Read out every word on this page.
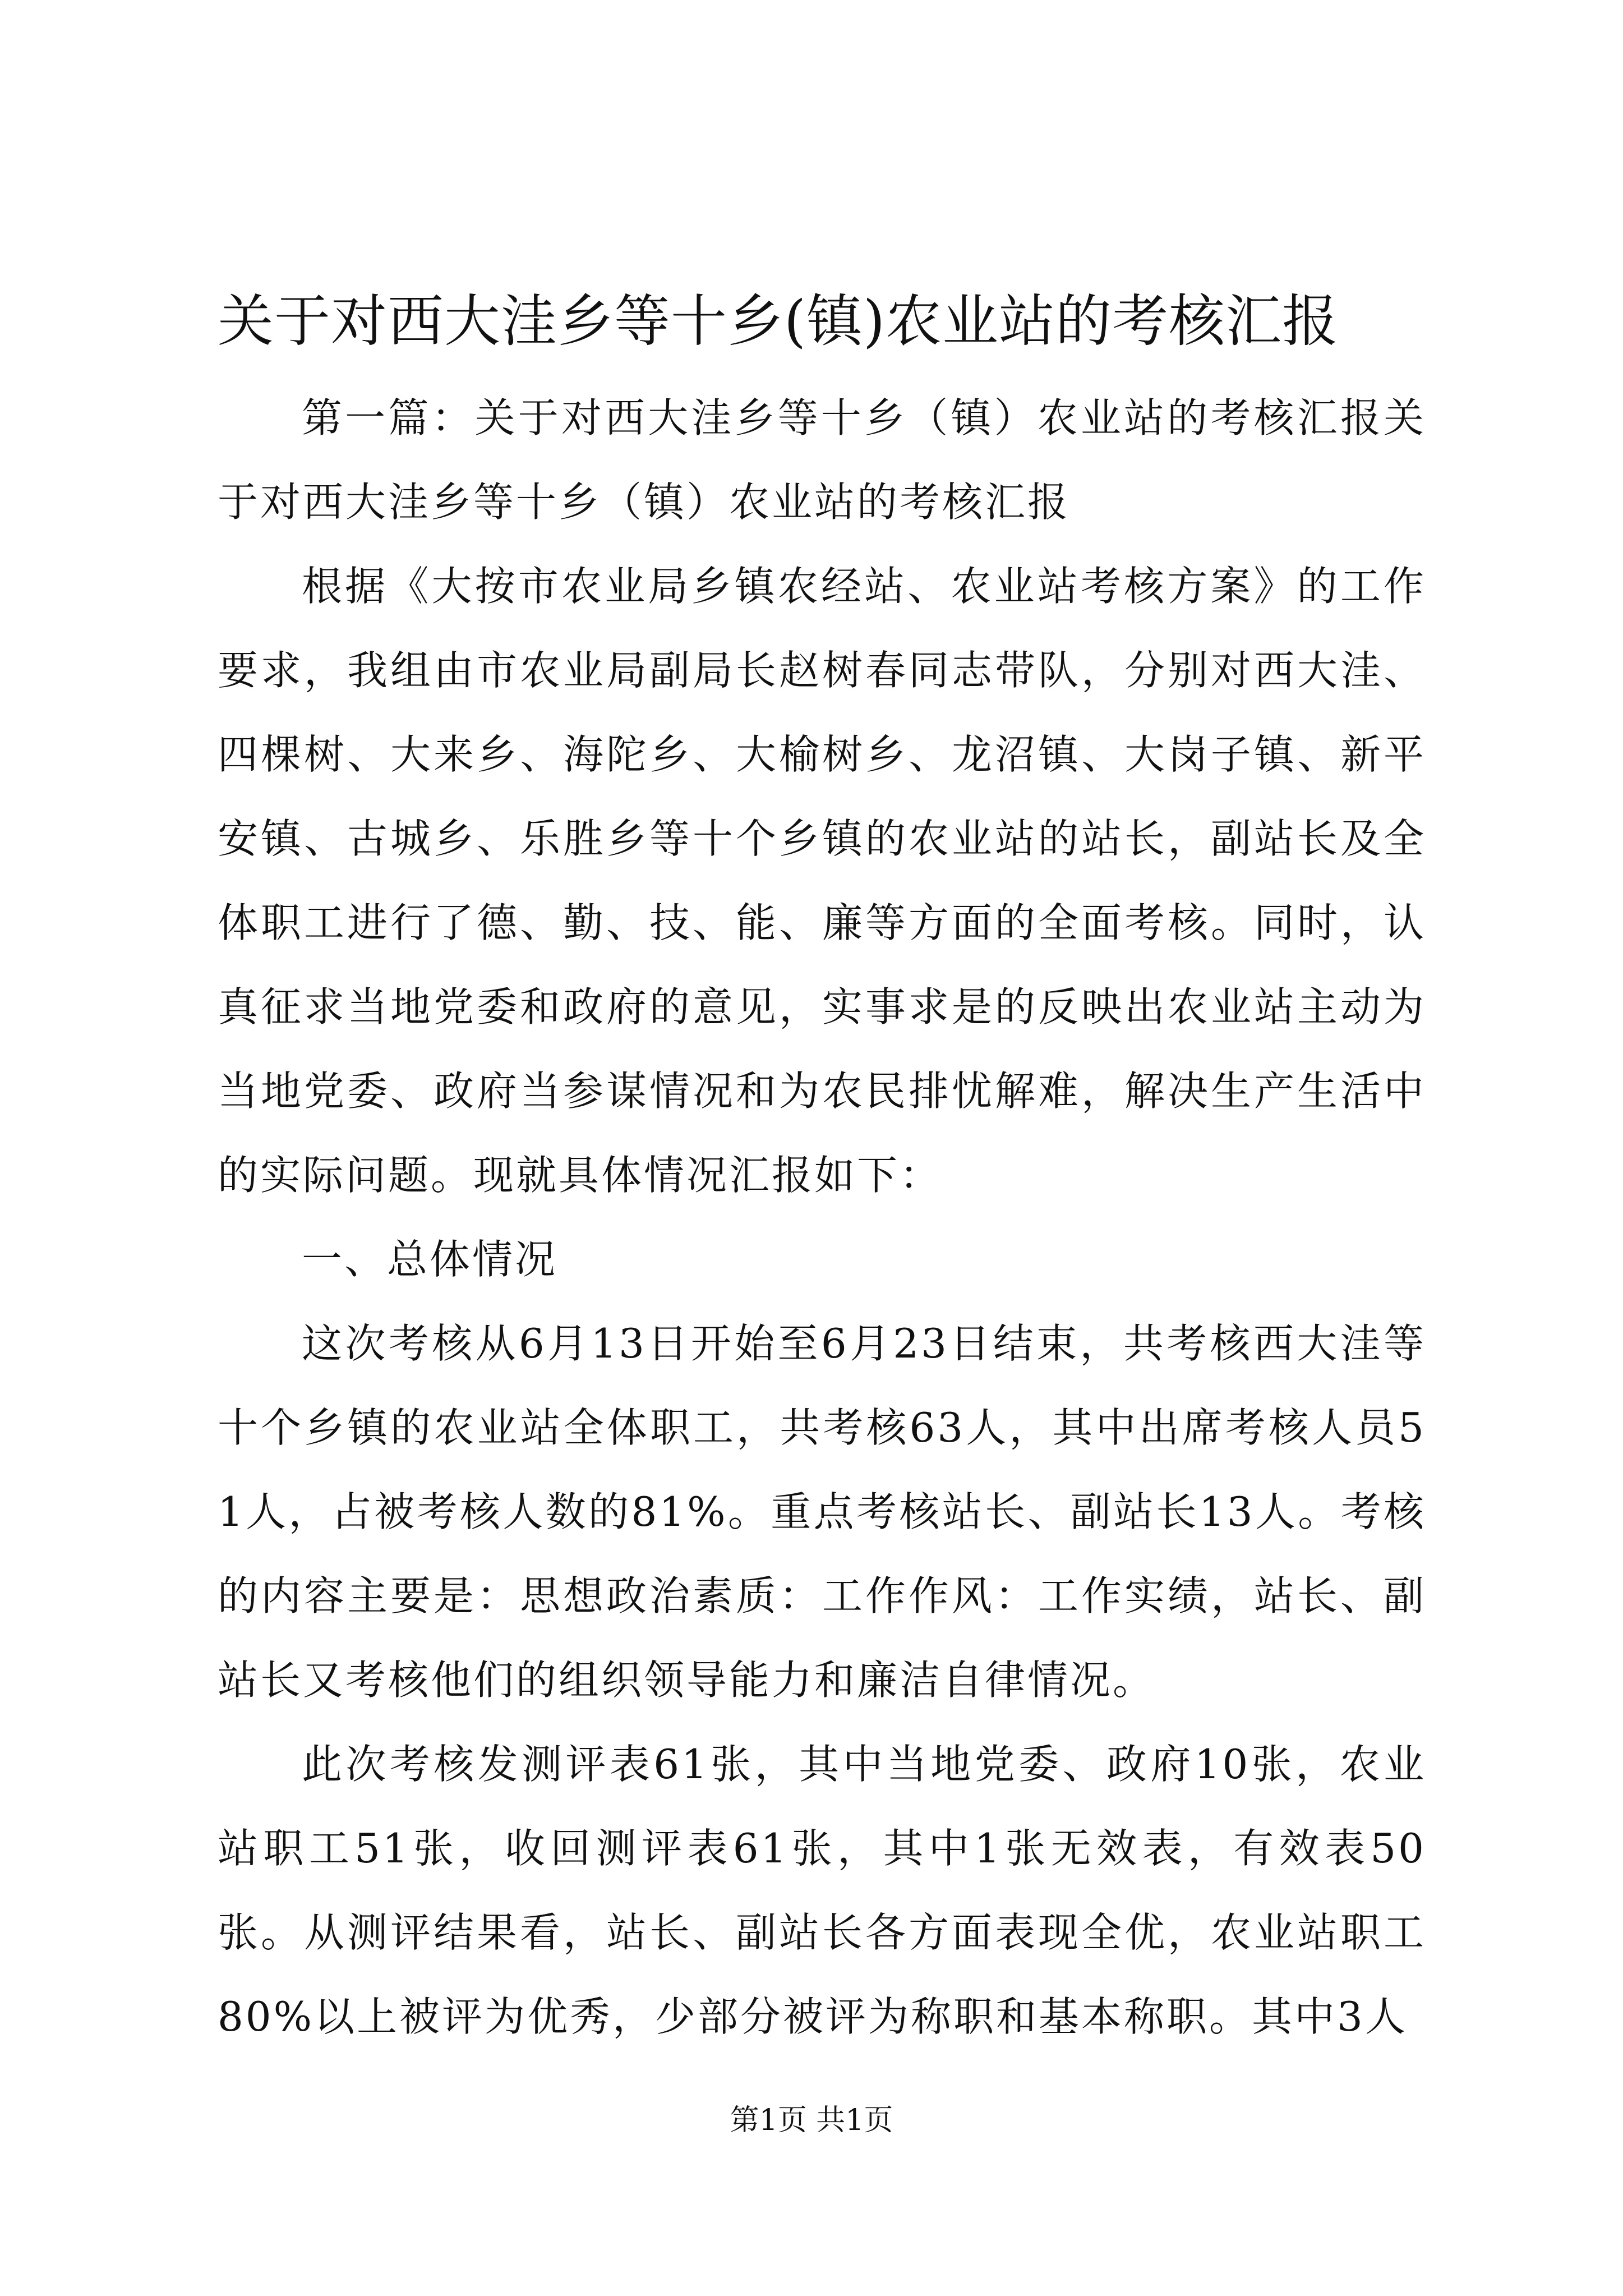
关于对西大洼乡等十乡(镇)农业站的考核汇报

第一篇：关于对西大洼乡等十乡（镇）农业站的考核汇报关于对西大洼乡等十乡（镇）农业站的考核汇报

根据《大按市农业局乡镇农经站、农业站考核方案》的工作要求，我组由市农业局副局长赵树春同志带队，分别对西大洼、四棵树、大来乡、海陀乡、大榆树乡、龙沼镇、大岗子镇、新平安镇、古城乡、乐胜乡等十个乡镇的农业站的站长，副站长及全体职工进行了德、勤、技、能、廉等方面的全面考核。同时，认真征求当地党委和政府的意见，实事求是的反映出农业站主动为当地党委、政府当参谋情况和为农民排忧解难，解决生产生活中的实际问题。现就具体情况汇报如下：

一、总体情况

这次考核从6月13日开始至6月23日结束，共考核西大洼等十个乡镇的农业站全体职工，共考核63人，其中出席考核人员51人，占被考核人数的81%。重点考核站长、副站长13人。考核的内容主要是：思想政治素质：工作作风：工作实绩，站长、副站长又考核他们的组织领导能力和廉洁自律情况。

此次考核发测评表61张，其中当地党委、政府10张，农业站职工51张，收回测评表61张，其中1张无效表，有效表50张。从测评结果看，站长、副站长各方面表现全优，农业站职工80%以上被评为优秀，少部分被评为称职和基本称职。其中3人

第1页 共1页
